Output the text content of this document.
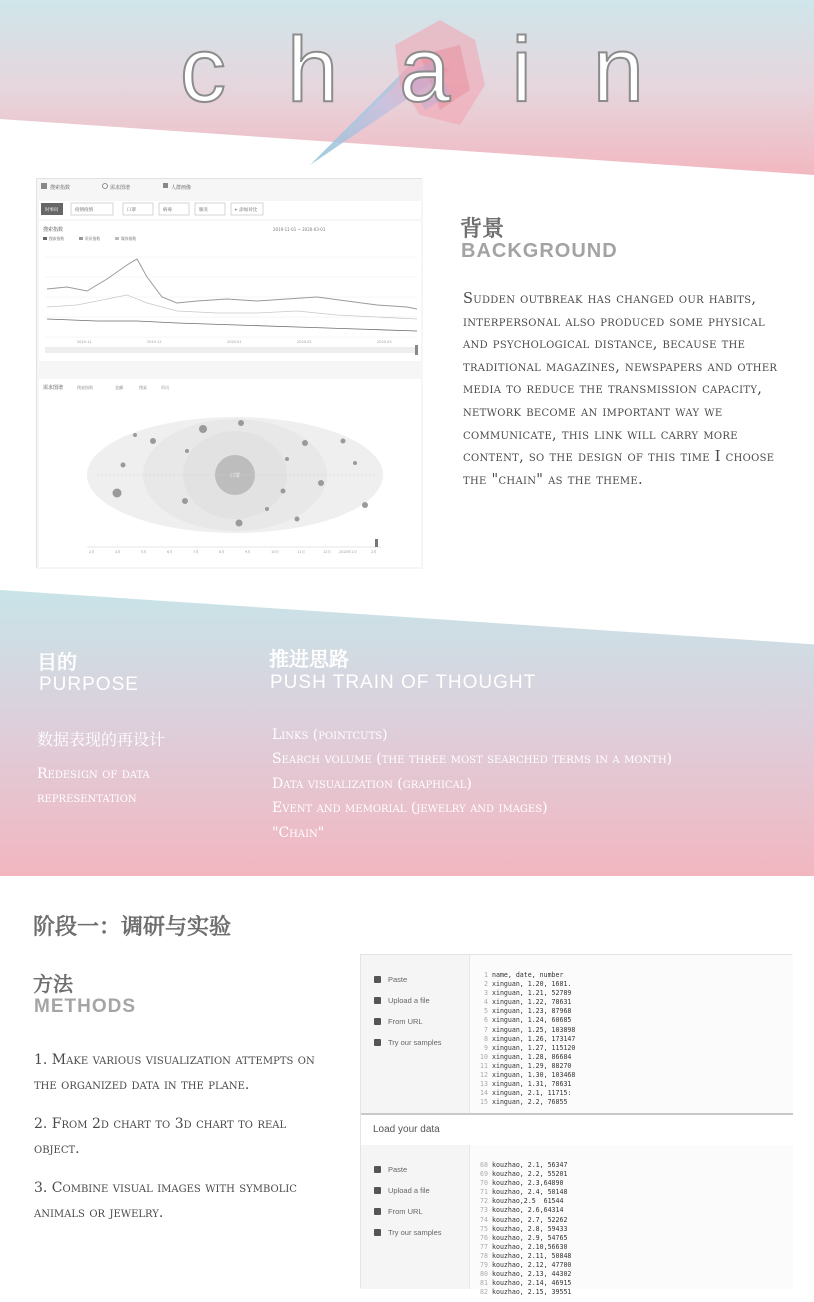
c h a i n
搜索指数	需求图谱	人群画像
时事问	疫情疫情	口罩	病毒	肺炎	+ 添加对比
搜索指数	2019-11-01 ~ 2020-03-01
搜索指数	资讯指数	媒体指数
2019-11	2019-12	2020-01	2020-02	2020-03
需求图谱	搜索指数	全部	搜索	资讯
口罩
2月	4月	5月	6月	7月	8月	9月	10月	11月	12月 2020年1月	2月
背景
BACKGROUND

Sudden outbreak has changed our habits, interpersonal also produced some physical and psychological distance, because the traditional magazines, newspapers and other media to reduce the transmission capacity, network become an important way we communicate, this link will carry more content, so the design of this time I choose the "chain" as the theme.

目的
PURPOSE
推进思路
PUSH TRAIN OF THOUGHT
数据表现的再设计
Redesign of data representation
Links (pointcuts)
Search volume (the three most searched terms in a month)
Data visualization (graphical)
Event and memorial (jewelry and images)
"Chain"
阶段一：调研与实验
方法
METHODS
1. Make various visualization attempts on the organized data in the plane.
2. From 2d chart to 3d chart to real object.
3. Combine visual images with symbolic animals or jewelry.
Paste
Upload a file
From URL
Try our samples
1 name, date, number
2 xinguan, 1.20, 1681.
3 xinguan, 1.21, 52789
4 xinguan, 1.22, 78631
5 xinguan, 1.23, 87968
6 xinguan, 1.24, 60685
7 xinguan, 1.25, 103898
8 xinguan, 1.26, 173147
9 xinguan, 1.27, 115120
10 xinguan, 1.28, 86684
11 xinguan, 1.29, 88270
12 xinguan, 1.30, 103468
13 xinguan, 1.31, 78631
14 xinguan, 2.1, 11715:
15 xinguan, 2.2, 76855
Load your data
Paste
Upload a file
From URL
Try our samples
68 kouzhao, 2.1, 56347
69 kouzhao, 2.2, 55201
70 kouzhao, 2.3,64890
71 kouzhao, 2.4, 50148
72 kouzhao,2.5  61544
73 kouzhao, 2.6,64314
74 kouzhao, 2.7, 52262
75 kouzhao, 2.8, 59433
76 kouzhao, 2.9, 54765
77 kouzhao, 2.10,56630
78 kouzhao, 2.11, 50848
79 kouzhao, 2.12, 47700
80 kouzhao, 2.13, 44302
81 kouzhao, 2.14, 46915
82 kouzhao, 2.15, 39551
